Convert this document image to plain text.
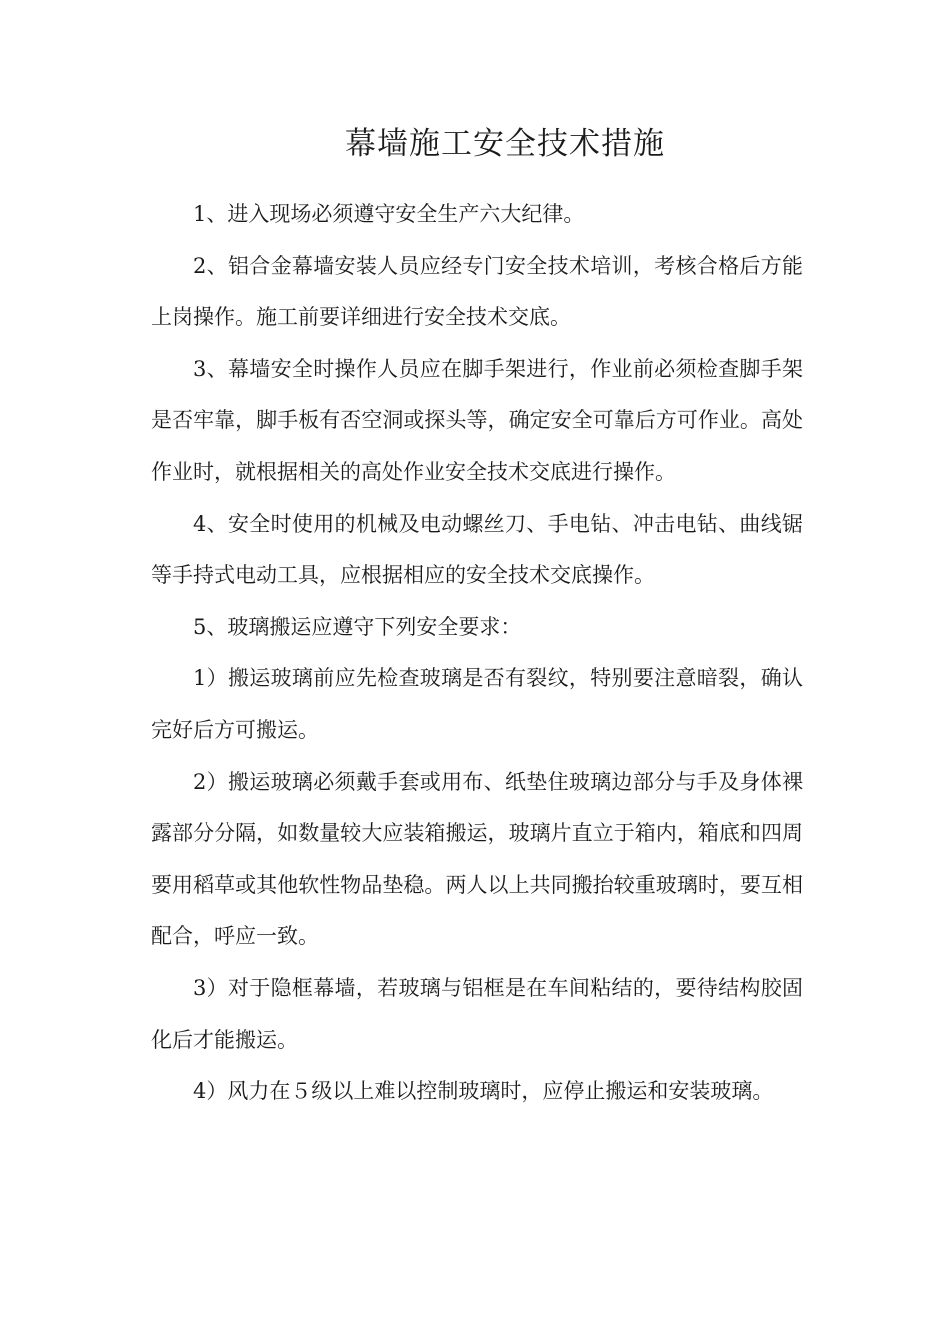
幕墙施工安全技术措施

1、进入现场必须遵守安全生产六大纪律。

2、铝合金幕墙安装人员应经专门安全技术培训，考核合格后方能上岗操作。施工前要详细进行安全技术交底。

3、幕墙安全时操作人员应在脚手架进行，作业前必须检查脚手架是否牢靠，脚手板有否空洞或探头等，确定安全可靠后方可作业。高处作业时，就根据相关的高处作业安全技术交底进行操作。

4、安全时使用的机械及电动螺丝刀、手电钻、冲击电钻、曲线锯等手持式电动工具，应根据相应的安全技术交底操作。

5、玻璃搬运应遵守下列安全要求：

1）搬运玻璃前应先检查玻璃是否有裂纹，特别要注意暗裂，确认完好后方可搬运。

2）搬运玻璃必须戴手套或用布、纸垫住玻璃边部分与手及身体裸露部分分隔，如数量较大应装箱搬运，玻璃片直立于箱内，箱底和四周要用稻草或其他软性物品垫稳。两人以上共同搬抬较重玻璃时，要互相配合，呼应一致。

3）对于隐框幕墙，若玻璃与铝框是在车间粘结的，要待结构胶固化后才能搬运。

4）风力在５级以上难以控制玻璃时，应停止搬运和安装玻璃。
